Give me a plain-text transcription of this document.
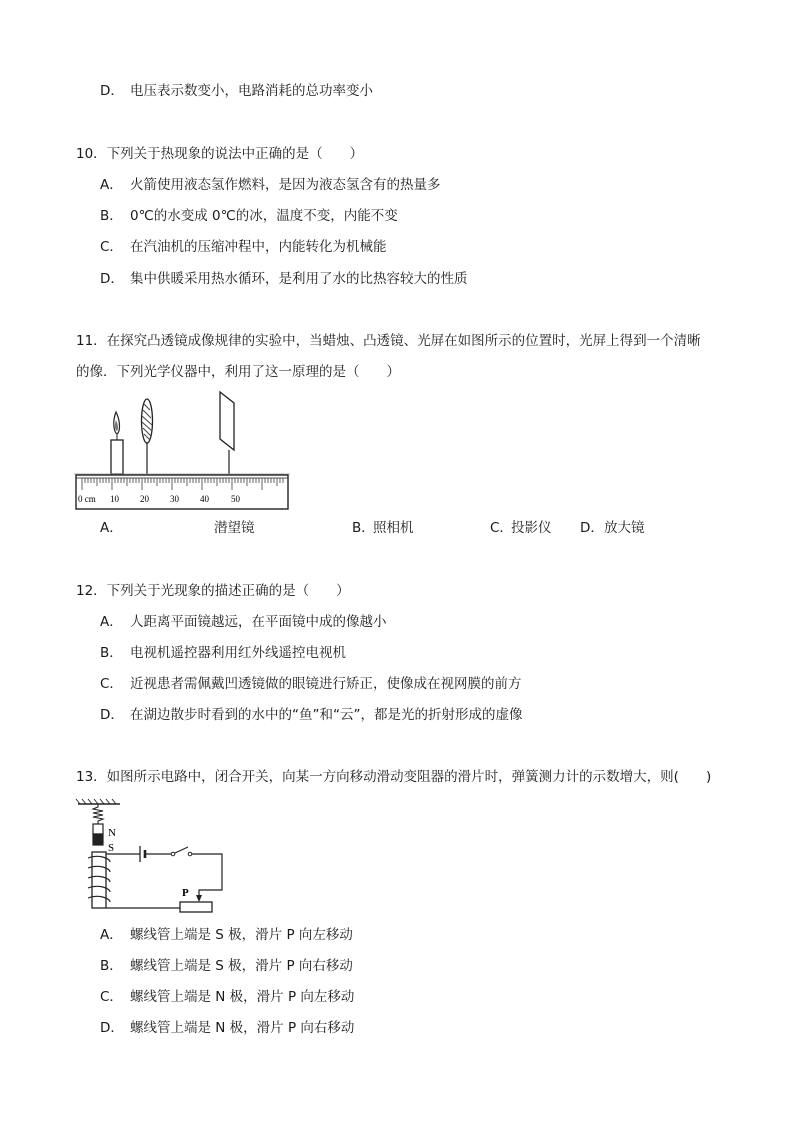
D． 电压表示数变小，电路消耗的总功率变小
10．下列关于热现象的说法中正确的是（　　）
A． 火箭使用液态氢作燃料，是因为液态氢含有的热量多
B． 0℃的水变成 0℃的冰，温度不变，内能不变
C． 在汽油机的压缩冲程中，内能转化为机械能
D． 集中供暖采用热水循环，是利用了水的比热容较大的性质
11．在探究凸透镜成像规律的实验中，当蜡烛、凸透镜、光屏在如图所示的位置时，光屏上得到一个清晰
的像．下列光学仪器中，利用了这一原理的是（　　）
0 cm 10 20 30 40 50
A．	潜望镜	B．
照相机	C．
投影仪 D． 放大镜
12．下列关于光现象的描述正确的是（　　）
A． 人距离平面镜越远，在平面镜中成的像越小
B． 电视机遥控器利用红外线遥控电视机
C． 近视患者需佩戴凹透镜做的眼镜进行矫正，使像成在视网膜的前方
D． 在湖边散步时看到的水中的“鱼”和“云”，都是光的折射形成的虚像
13．如图所示电路中，闭合开关，向某一方向移动滑动变阻器的滑片时，弹簧测力计的示数增大，则(　　)
N
S
P
A． 螺线管上端是 S 极，滑片 P 向左移动
B． 螺线管上端是 S 极，滑片 P 向右移动
C． 螺线管上端是 N 极，滑片 P 向左移动
D． 螺线管上端是 N 极，滑片 P 向右移动
